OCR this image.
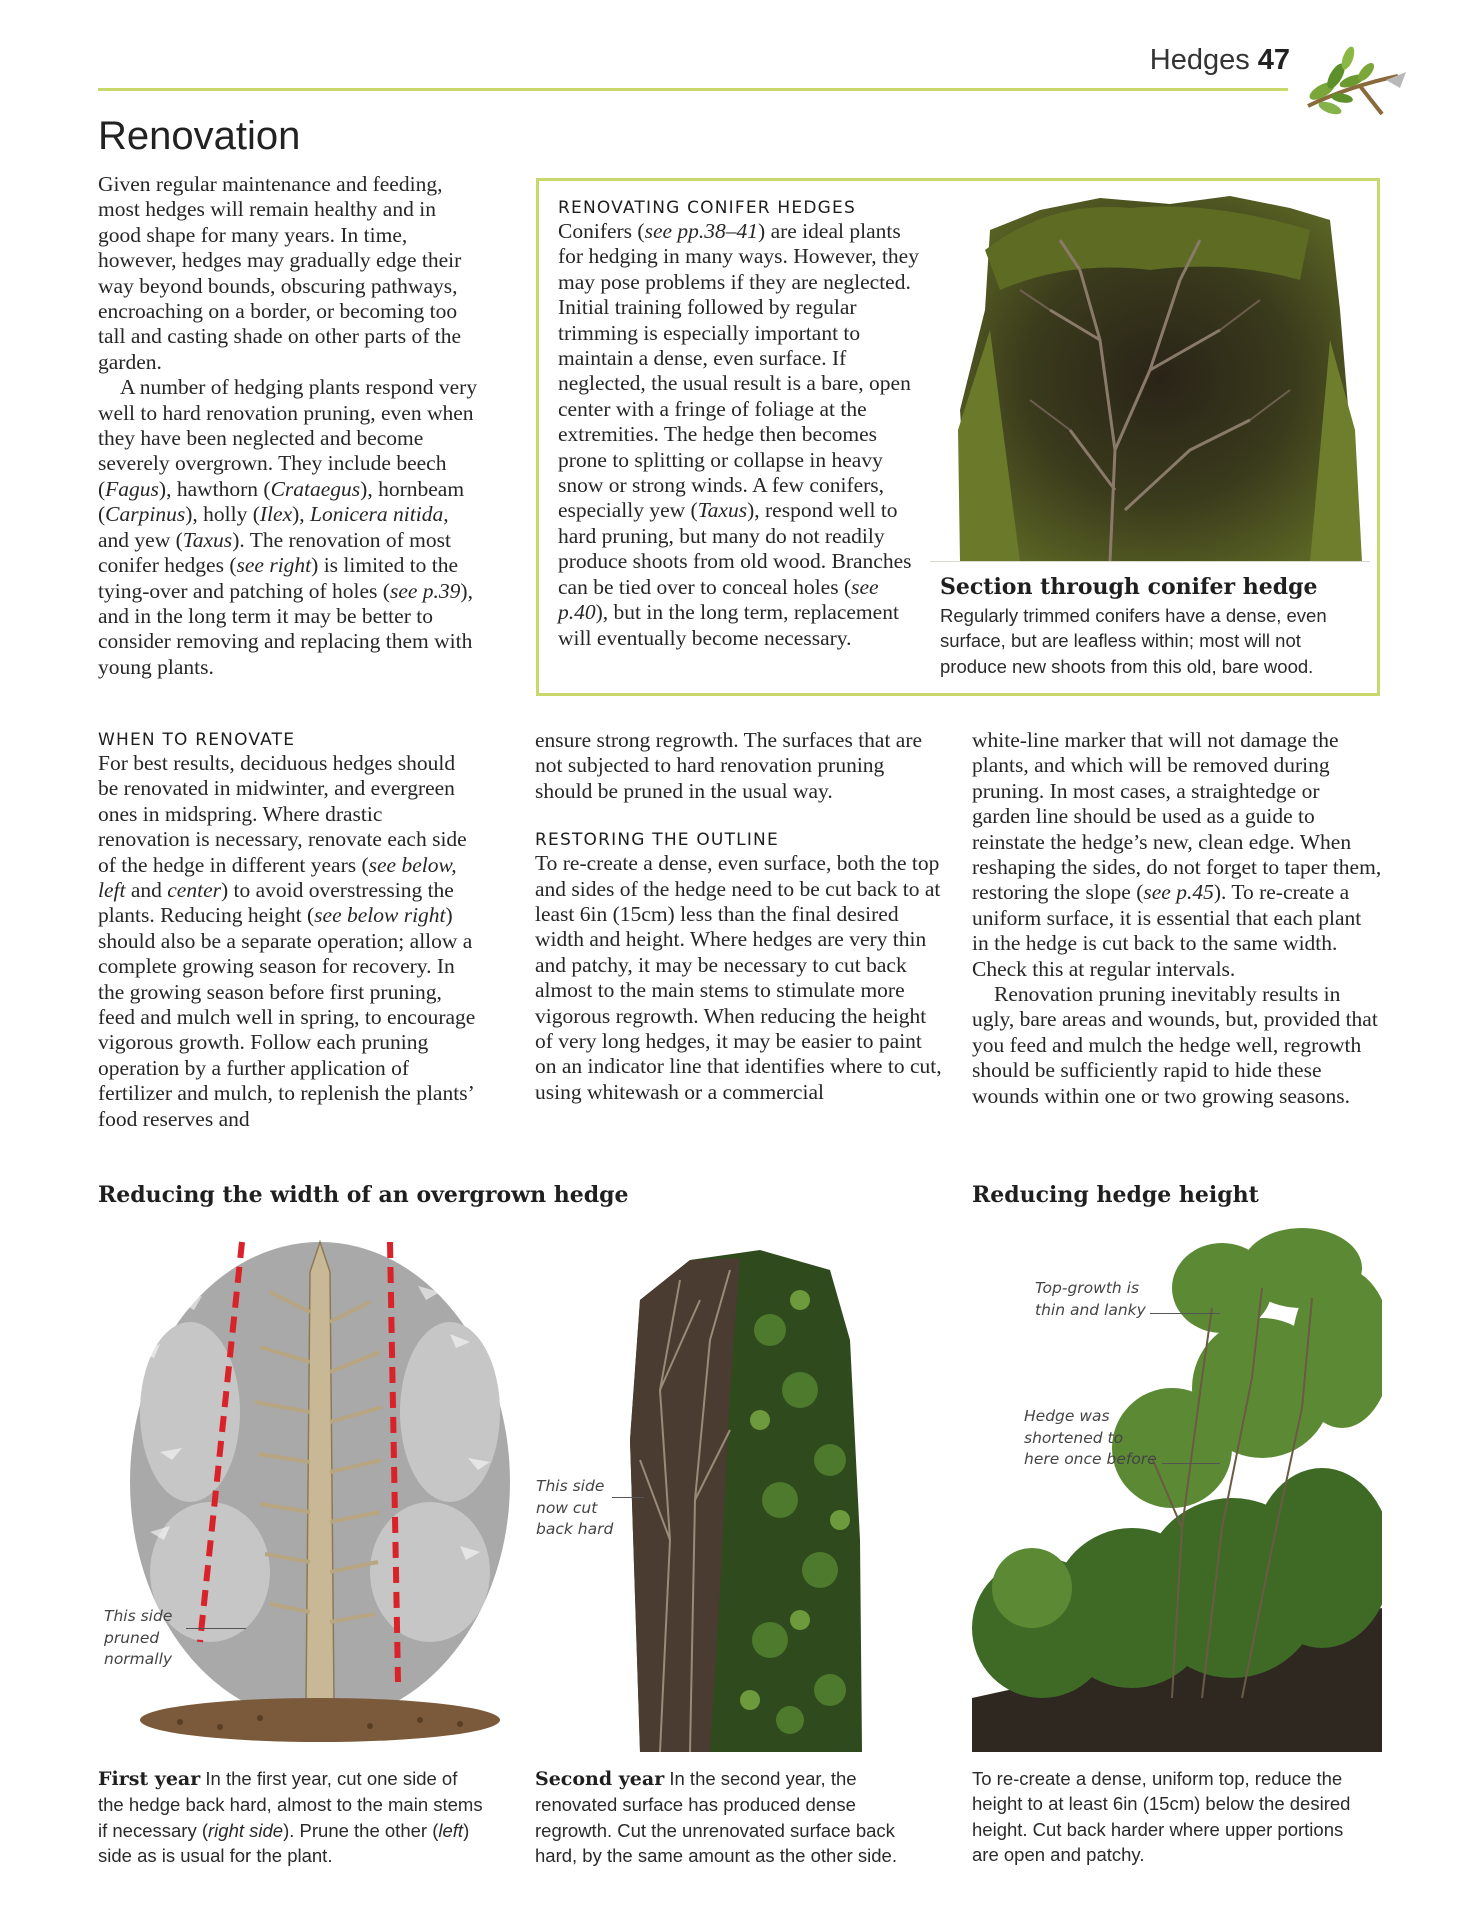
Hedges 47
Renovation

Given regular maintenance and feeding, most hedges will remain healthy and in good shape for many years. In time, however, hedges may gradually edge their way beyond bounds, obscuring pathways, encroaching on a border, or becoming too tall and casting shade on other parts of the garden.

A number of hedging plants respond very well to hard renovation pruning, even when they have been neglected and become severely overgrown. They include beech (Fagus), hawthorn (Crataegus), hornbeam (Carpinus), holly (Ilex), Lonicera nitida, and yew (Taxus). The renovation of most conifer hedges (see right) is limited to the tying-over and patching of holes (see p.39), and in the long term it may be better to consider removing and replacing them with young plants.

RENOVATING CONIFER HEDGES

Conifers (see pp.38–41) are ideal plants for hedging in many ways. However, they may pose problems if they are neglected. Initial training followed by regular trimming is especially important to maintain a dense, even surface. If neglected, the usual result is a bare, open center with a fringe of foliage at the extremities. The hedge then becomes prone to splitting or collapse in heavy snow or strong winds. A few conifers, especially yew (Taxus), respond well to hard pruning, but many do not readily produce shoots from old wood. Branches can be tied over to conceal holes (see p.40), but in the long term, replacement will eventually become necessary.

Section through conifer hedge
Regularly trimmed conifers have a dense, even surface, but are leafless within; most will not produce new shoots from this old, bare wood.
WHEN TO RENOVATE

For best results, deciduous hedges should be renovated in midwinter, and evergreen ones in midspring. Where drastic renovation is necessary, renovate each side of the hedge in different years (see below, left and center) to avoid overstressing the plants. Reducing height (see below right) should also be a separate operation; allow a complete growing season for recovery. In the growing season before first pruning, feed and mulch well in spring, to encourage vigorous growth. Follow each pruning operation by a further application of fertilizer and mulch, to replenish the plants’ food reserves and

ensure strong regrowth. The surfaces that are not subjected to hard renovation pruning should be pruned in the usual way.

RESTORING THE OUTLINE

To re-create a dense, even surface, both the top and sides of the hedge need to be cut back to at least 6in (15cm) less than the final desired width and height. Where hedges are very thin and patchy, it may be necessary to cut back almost to the main stems to stimulate more vigorous regrowth. When reducing the height of very long hedges, it may be easier to paint on an indicator line that identifies where to cut, using whitewash or a commercial

white-line marker that will not damage the plants, and which will be removed during pruning. In most cases, a straightedge or garden line should be used as a guide to reinstate the hedge’s new, clean edge. When reshaping the sides, do not forget to taper them, restoring the slope (see p.45). To re-create a uniform surface, it is essential that each plant in the hedge is cut back to the same width. Check this at regular intervals.

Renovation pruning inevitably results in ugly, bare areas and wounds, but, provided that you feed and mulch the hedge well, regrowth should be sufficiently rapid to hide these wounds within one or two growing seasons.

Reducing the width of an overgrown hedge	Reducing hedge height
This side
pruned
normally
This side
now cut
back hard
Top-growth is
thin and lanky
Hedge was
shortened to
here once before
First year In the first year, cut one side of the hedge back hard, almost to the main stems if necessary (right side). Prune the other (left) side as is usual for the plant.
Second year In the second year, the renovated surface has produced dense regrowth. Cut the unrenovated surface back hard, by the same amount as the other side.
To re-create a dense, uniform top, reduce the height to at least 6in (15cm) below the desired height. Cut back harder where upper portions are open and patchy.
